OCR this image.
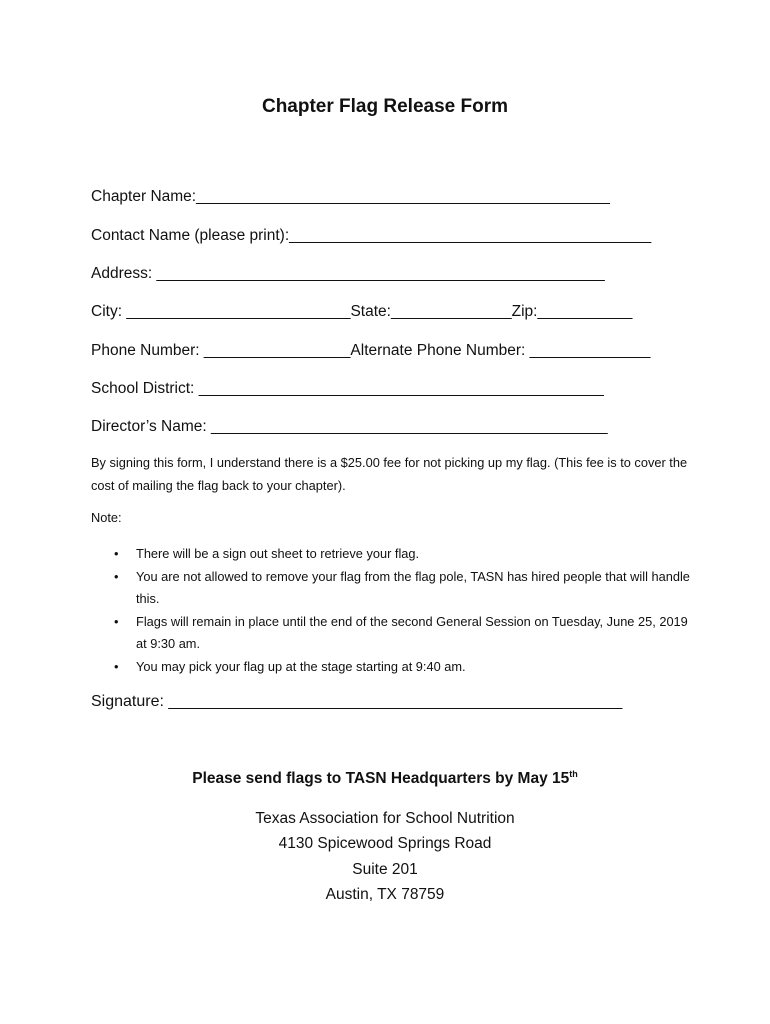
Chapter Flag Release Form
Chapter Name:________________________________________________
Contact Name (please print):__________________________________________
Address: ____________________________________________________
City: __________________________State:______________Zip:___________
Phone Number: _________________Alternate Phone Number: ______________
School District: _______________________________________________
Director’s Name: ______________________________________________
By signing this form, I understand there is a $25.00 fee for not picking up my flag. (This fee is to cover the cost of mailing the flag back to your chapter).
Note:
• There will be a sign out sheet to retrieve your flag.
• You are not allowed to remove your flag from the flag pole, TASN has hired people that will handle this.
• Flags will remain in place until the end of the second General Session on Tuesday, June 25, 2019 at 9:30 am.
• You may pick your flag up at the stage starting at 9:40 am.
Signature: ___________________________________________________
Please send flags to TASN Headquarters by May 15th
Texas Association for School Nutrition
4130 Spicewood Springs Road
Suite 201
Austin, TX 78759
